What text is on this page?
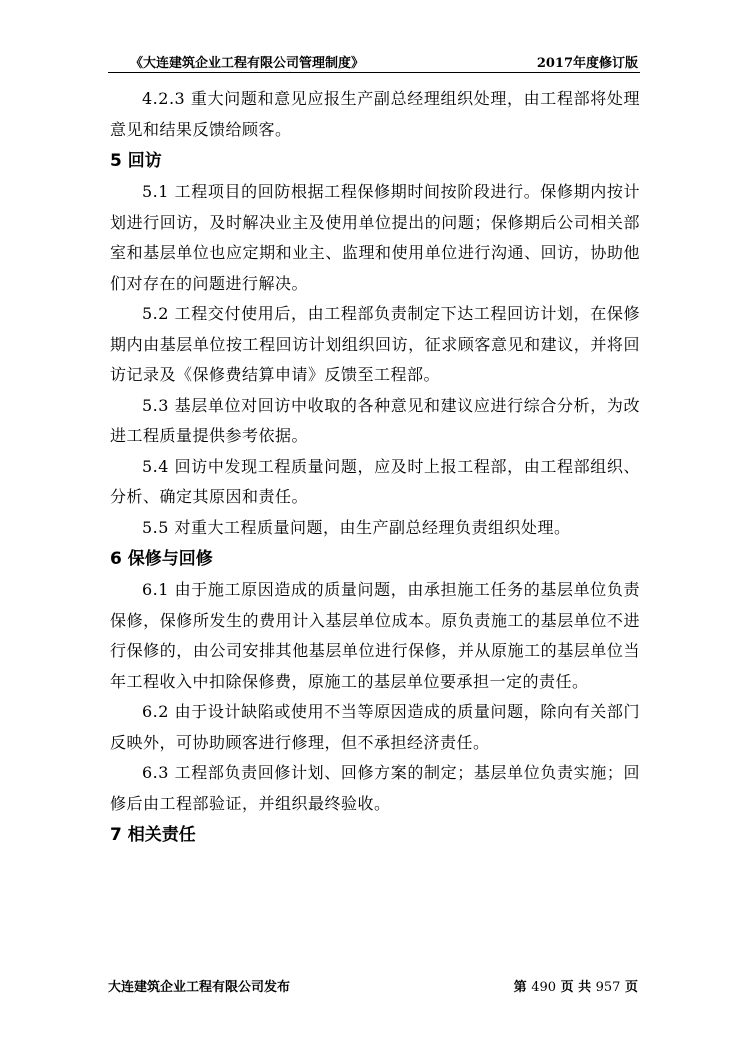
《大连建筑企业工程有限公司管理制度》	2017年度修订版

4.2.3 重大问题和意见应报生产副总经理组织处理，由工程部将处理意见和结果反馈给顾客。

5 回访

5.1 工程项目的回防根据工程保修期时间按阶段进行。保修期内按计划进行回访，及时解决业主及使用单位提出的问题；保修期后公司相关部室和基层单位也应定期和业主、监理和使用单位进行沟通、回访，协助他们对存在的问题进行解决。

5.2 工程交付使用后，由工程部负责制定下达工程回访计划，在保修期内由基层单位按工程回访计划组织回访，征求顾客意见和建议，并将回访记录及《保修费结算申请》反馈至工程部。

5.3 基层单位对回访中收取的各种意见和建议应进行综合分析，为改进工程质量提供参考依据。

5.4 回访中发现工程质量问题，应及时上报工程部，由工程部组织、分析、确定其原因和责任。

5.5 对重大工程质量问题，由生产副总经理负责组织处理。

6 保修与回修

6.1 由于施工原因造成的质量问题，由承担施工任务的基层单位负责保修，保修所发生的费用计入基层单位成本。原负责施工的基层单位不进行保修的，由公司安排其他基层单位进行保修，并从原施工的基层单位当年工程收入中扣除保修费，原施工的基层单位要承担一定的责任。

6.2 由于设计缺陷或使用不当等原因造成的质量问题，除向有关部门反映外，可协助顾客进行修理，但不承担经济责任。

6.3 工程部负责回修计划、回修方案的制定；基层单位负责实施；回修后由工程部验证，并组织最终验收。

7 相关责任
大连建筑企业工程有限公司发布	第 490 页 共 957 页
